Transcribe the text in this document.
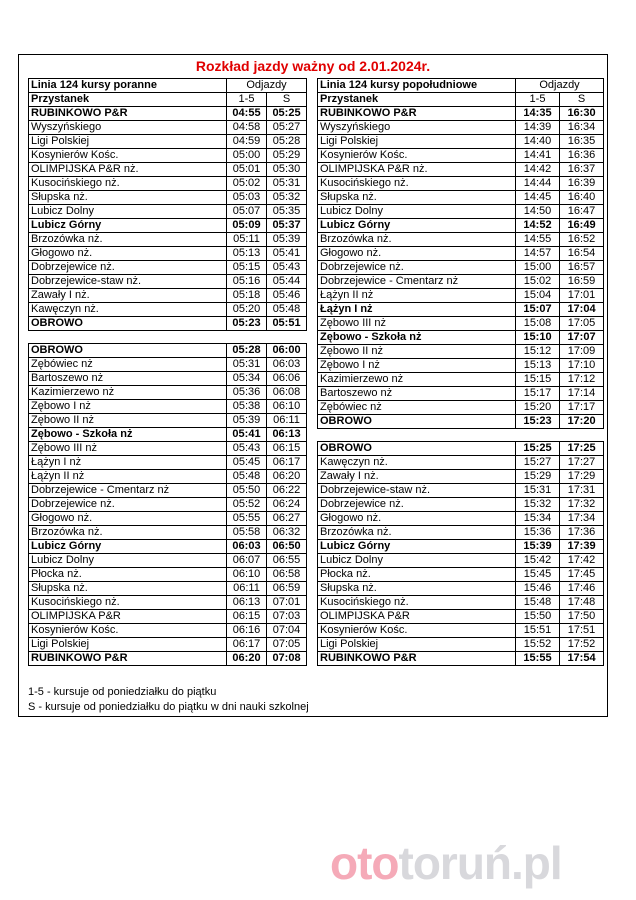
Rozkład jazdy ważny od 2.01.2024r.
Linia 124 kursy poranne	Odjazdy	
Przystanek	1-5	S
RUBINKOWO P&R	04:55	05:25
Wyszyńskiego	04:58	05:27
Ligi Polskiej	04:59	05:28
Kosynierów Kośc.	05:00	05:29
OLIMPIJSKA P&R nż.	05:01	05:30
Kusocińskiego nż.	05:02	05:31
Słupska nż.	05:03	05:32
Lubicz Dolny	05:07	05:35
Lubicz Górny	05:09	05:37
Brzozówka nż.	05:11	05:39
Głogowo nż.	05:13	05:41
Dobrzejewice nż.	05:15	05:43
Dobrzejewice-staw nż.	05:16	05:44
Zawały I nż.	05:18	05:46
Kawęczyn nż.	05:20	05:48
OBROWO	05:23	05:51

OBROWO	05:28	06:00
Zębówiec nż	05:31	06:03
Bartoszewo nż	05:34	06:06
Kazimierzewo nż	05:36	06:08
Zębowo I nż	05:38	06:10
Zębowo II nż	05:39	06:11
Zębowo - Szkoła nż	05:41	06:13
Zębowo III nż	05:43	06:15
Łążyn I nż	05:45	06:17
Łążyn II nż	05:48	06:20
Dobrzejewice - Cmentarz nż	05:50	06:22
Dobrzejewice nż.	05:52	06:24
Głogowo nż.	05:55	06:27
Brzozówka nż.	05:58	06:32
Lubicz Górny	06:03	06:50
Lubicz Dolny	06:07	06:55
Płocka nż.	06:10	06:58
Słupska nż.	06:11	06:59
Kusocińskiego nż.	06:13	07:01
OLIMPIJSKA P&R	06:15	07:03
Kosynierów Kośc.	06:16	07:04
Ligi Polskiej	06:17	07:05
RUBINKOWO P&R	06:20	07:08
Linia 124 kursy popołudniowe	Odjazdy	
Przystanek	1-5	S
RUBINKOWO P&R	14:35	16:30
Wyszyńskiego	14:39	16:34
Ligi Polskiej	14:40	16:35
Kosynierów Kośc.	14:41	16:36
OLIMPIJSKA P&R nż.	14:42	16:37
Kusocińskiego nż.	14:44	16:39
Słupska nż.	14:45	16:40
Lubicz Dolny	14:50	16:47
Lubicz Górny	14:52	16:49
Brzozówka nż.	14:55	16:52
Głogowo nż.	14:57	16:54
Dobrzejewice nż.	15:00	16:57
Dobrzejewice - Cmentarz nż	15:02	16:59
Łążyn II nż	15:04	17:01
Łążyn I nż	15:07	17:04
Zębowo III nż	15:08	17:05
Zębowo - Szkoła nż	15:10	17:07
Zębowo II nż	15:12	17:09
Zębowo I nż	15:13	17:10
Kazimierzewo nż	15:15	17:12
Bartoszewo nż	15:17	17:14
Zębówiec nż	15:20	17:17
OBROWO	15:23	17:20

OBROWO	15:25	17:25
Kawęczyn nż.	15:27	17:27
Zawały I nż.	15:29	17:29
Dobrzejewice-staw nż.	15:31	17:31
Dobrzejewice nż.	15:32	17:32
Głogowo nż.	15:34	17:34
Brzozówka nż.	15:36	17:36
Lubicz Górny	15:39	17:39
Lubicz Dolny	15:42	17:42
Płocka nż.	15:45	17:45
Słupska nż.	15:46	17:46
Kusocińskiego nż.	15:48	17:48
OLIMPIJSKA P&R	15:50	17:50
Kosynierów Kośc.	15:51	17:51
Ligi Polskiej	15:52	17:52
RUBINKOWO P&R	15:55	17:54
1-5 - kursuje od poniedziałku do piątku
S - kursuje od poniedziałku do piątku w dni nauki szkolnej
ototoruń.pl
